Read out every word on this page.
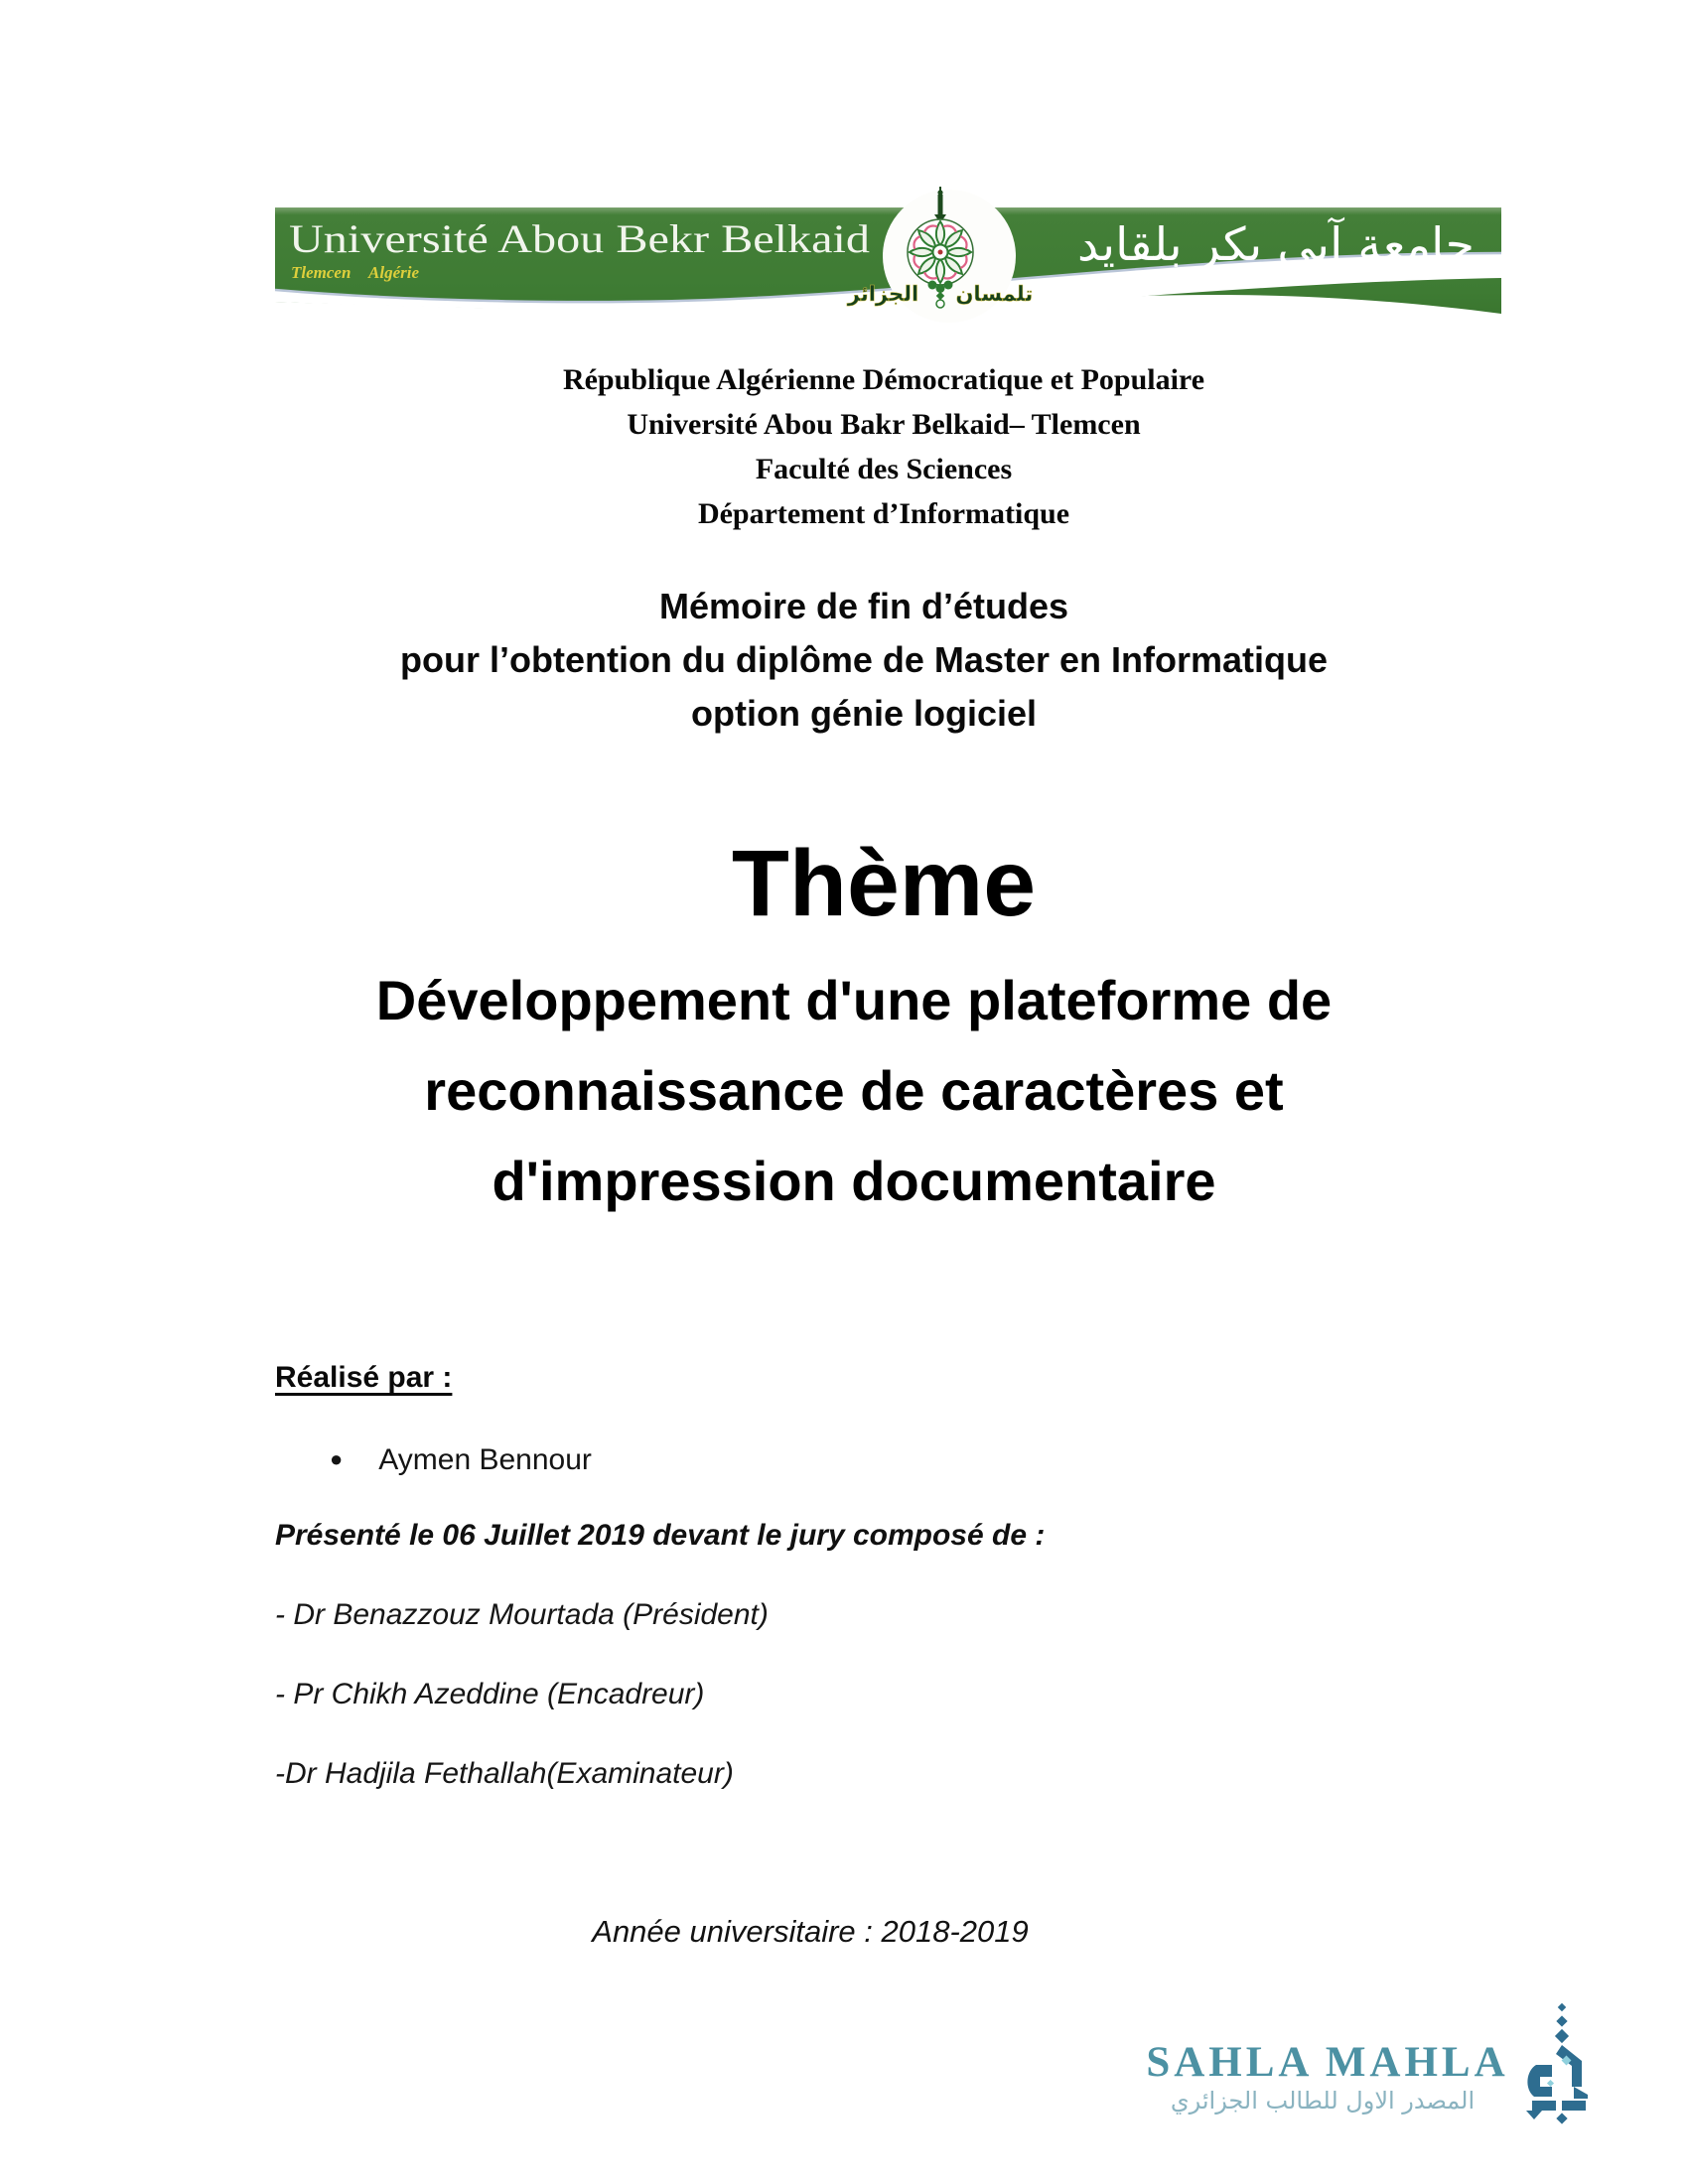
Université Abou Bekr Belkaid
Tlemcen Algérie
جامعة آبي بكر بلقايد
تلمسان الجزائر
République Algérienne Démocratique et Populaire
Université Abou Bakr Belkaid– Tlemcen
Faculté des Sciences
Département d’Informatique
Mémoire de fin d’études
pour l’obtention du diplôme de Master en Informatique
option génie logiciel
Thème
Développement d'une plateforme de
reconnaissance de caractères et
d'impression documentaire
Réalisé par :
● Aymen Bennour
Présenté le 06 Juillet 2019 devant le jury composé de :
- Dr Benazzouz Mourtada (Président)
- Pr Chikh Azeddine (Encadreur)
-Dr Hadjila Fethallah(Examinateur)
Année universitaire : 2018-2019
SAHLA MAHLA
المصدر الاول للطالب الجزائري
